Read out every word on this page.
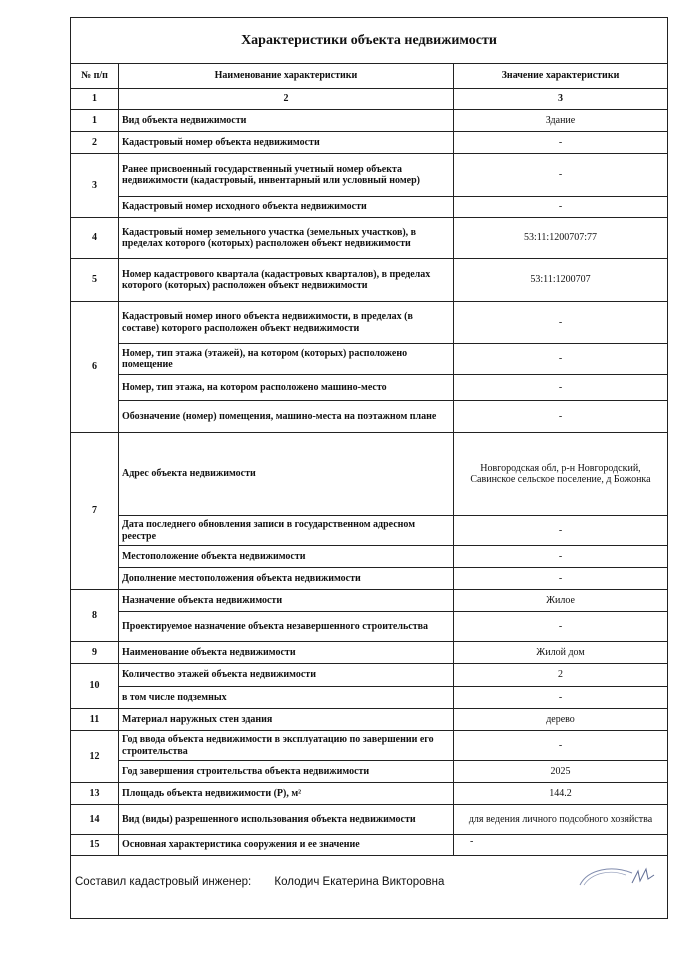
Характеристики объекта недвижимости
№ п/п	Наименование характеристики	Значение характеристики
1	2	3
1	Вид объекта недвижимости	Здание
2	Кадастровый номер объекта недвижимости	-
3	Ранее присвоенный государственный учетный номер объекта недвижимости (кадастровый, инвентарный или условный номер)	-
	Кадастровый номер исходного объекта недвижимости	-
4	Кадастровый номер земельного участка (земельных участков), в пределах которого (которых) расположен объект недвижимости	53:11:1200707:77
5	Номер кадастрового квартала (кадастровых кварталов), в пределах которого (которых) расположен объект недвижимости	53:11:1200707
6	Кадастровый номер иного объекта недвижимости, в пределах (в составе) которого расположен объект недвижимости	-
	Номер, тип этажа (этажей), на котором (которых) расположено помещение	-
	Номер, тип этажа, на котором расположено машино-место	-
	Обозначение (номер) помещения, машино-места на поэтажном плане	-
7	Адрес объекта недвижимости	Новгородская обл, р-н Новгородский, Савинское сельское поселение, д Божонка
	Дата последнего обновления записи в государственном адресном реестре	-
	Местоположение объекта недвижимости	-
	Дополнение местоположения объекта недвижимости	-
8	Назначение объекта недвижимости	Жилое
	Проектируемое назначение объекта незавершенного строительства	-
9	Наименование объекта недвижимости	Жилой дом
10	Количество этажей объекта недвижимости	2
	в том числе подземных	-
11	Материал наружных стен здания	дерево
12	Год ввода объекта недвижимости в эксплуатацию по завершении его строительства	-
	Год завершения строительства объекта недвижимости	2025
13	Площадь объекта недвижимости (Р), м²	144.2
14	Вид (виды) разрешенного использования объекта недвижимости	для ведения личного подсобного хозяйства
15	Основная характеристика сооружения и ее значение	-
Составил кадастровый инженер: Колодич Екатерина Викторовна
